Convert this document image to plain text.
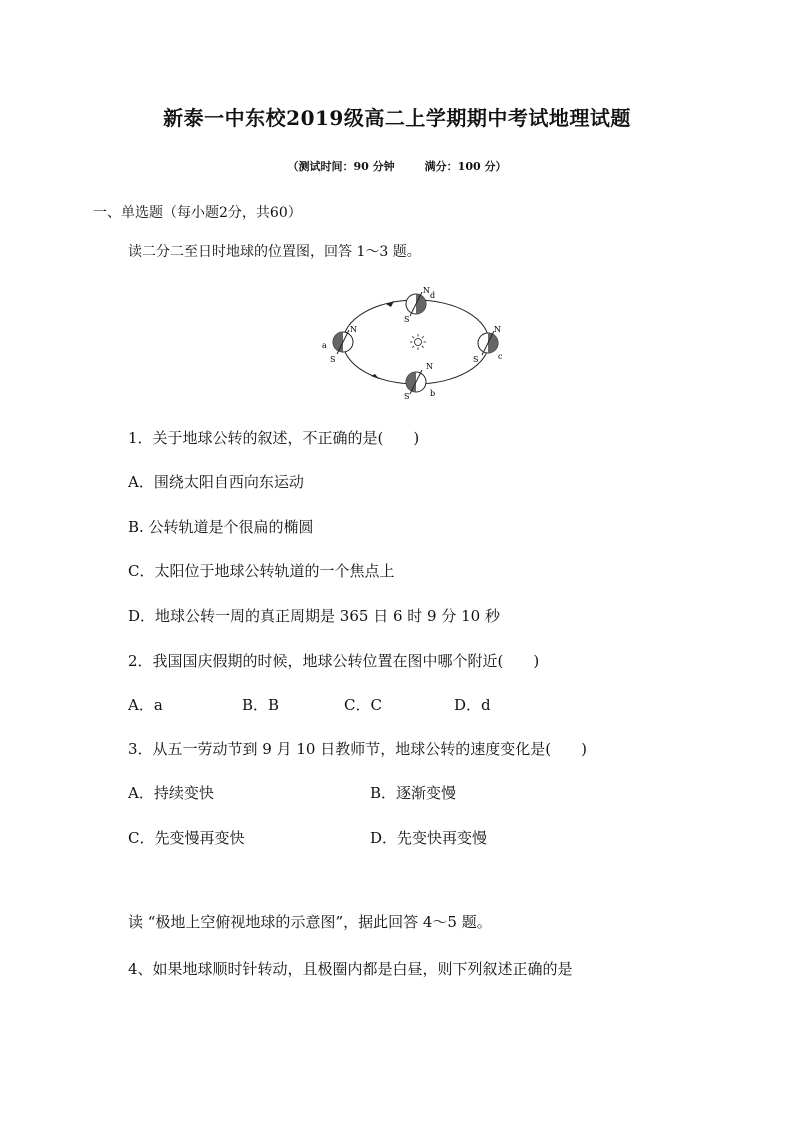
新泰一中东校2019级高二上学期期中考试地理试题
（测试时间：90 分钟	满分：100 分）
一、单选题（每小题2分，共60）
读二分二至日时地球的位置图，回答 1～3 题。
N
S
a
N
d
S
N
c
S
N
S	b
1．关于地球公转的叙述，不正确的是(　　)
A．围绕太阳自西向东运动
B. 公转轨道是个很扁的椭圆
C．太阳位于地球公转轨道的一个焦点上
D．地球公转一周的真正周期是 365 日 6 时 9 分 10 秒
2．我国国庆假期的时候，地球公转位置在图中哪个附近(　　)
A．a	B．B	C．C	D．d
3．从五一劳动节到 9 月 10 日教师节，地球公转的速度变化是(　　)
A．持续变快	B．逐渐变慢
C．先变慢再变快	D．先变快再变慢
读 “极地上空俯视地球的示意图”，据此回答 4～5 题。
4、如果地球顺时针转动，且极圈内都是白昼，则下列叙述正确的是
